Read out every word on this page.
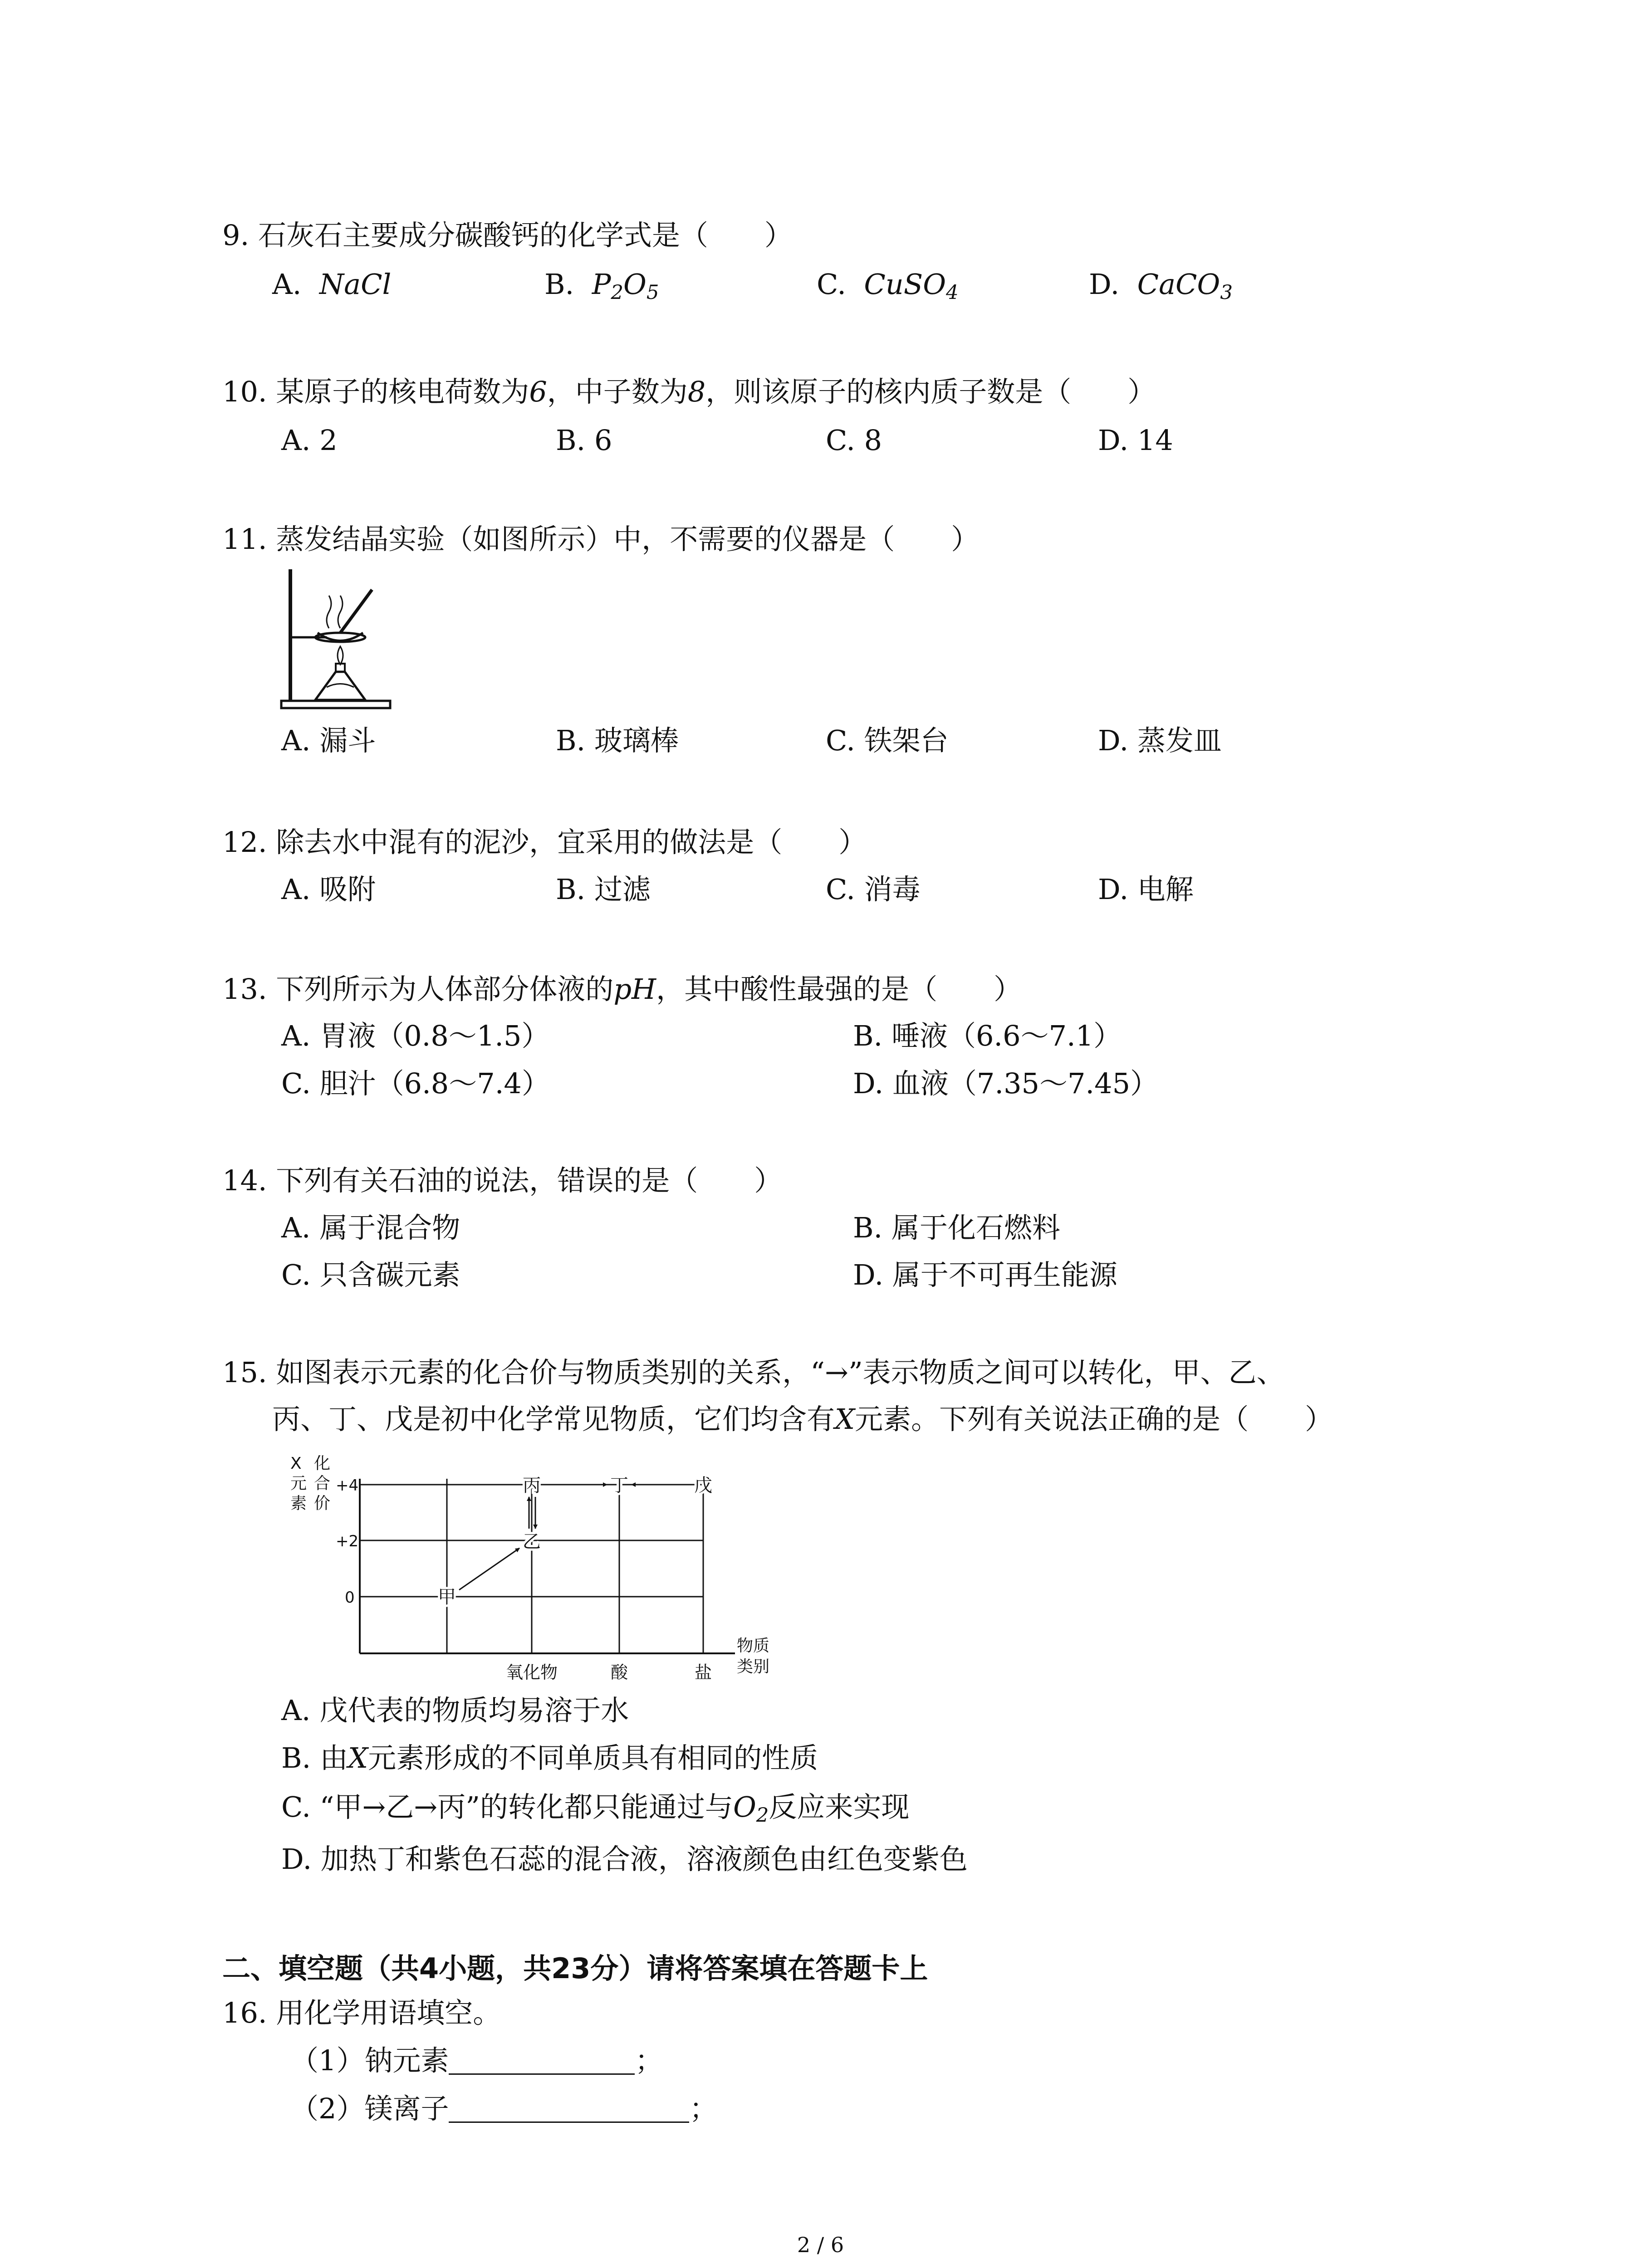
9. 石灰石主要成分碳酸钙的化学式是（　　）
A. NaCl	B. $P_2O_5$	C. CuSO$_4$	D. CaCO$_3$
10. 某原子的核电荷数为6，中子数为8，则该原子的核内质子数是（　　）
A. 2	B. 6	C. 8	D. 14
11. 蒸发结晶实验（如图所示）中，不需要的仪器是（　　）
A. 漏斗	B. 玻璃棒	C. 铁架台	D. 蒸发皿
12. 除去水中混有的泥沙，宜采用的做法是（　　）
A. 吸附	B. 过滤	C. 消毒	D. 电解
13. 下列所示为人体部分体液的pH，其中酸性最强的是（　　）
A. 胃液（0.8～1.5）	B. 唾液（6.6～7.1）
C. 胆汁（6.8～7.4）	D. 血液（7.35～7.45）
14. 下列有关石油的说法，错误的是（　　）
A. 属于混合物	B. 属于化石燃料
C. 只含碳元素	D. 属于不可再生能源
15. 如图表示元素的化合价与物质类别的关系，“→”表示物质之间可以转化，甲、乙、
丙、丁、戊是初中化学常见物质，它们均含有X元素。下列有关说法正确的是（　　）
X 化
元 合
素 价
+4
+2
0
氧化物	酸	盐
物质
类别
甲
乙
丙	丁	戊
A. 戊代表的物质均易溶于水
B. 由X元素形成的不同单质具有相同的性质
C. “甲→乙→丙”的转化都只能通过与$O_2$反应来实现
D. 加热丁和紫色石蕊的混合液，溶液颜色由红色变紫色
二、填空题（共4小题，共23分）请将答案填在答题卡上
16. 用化学用语填空。
（1）钠元素	；
（2）镁离子	；
2 / 6
